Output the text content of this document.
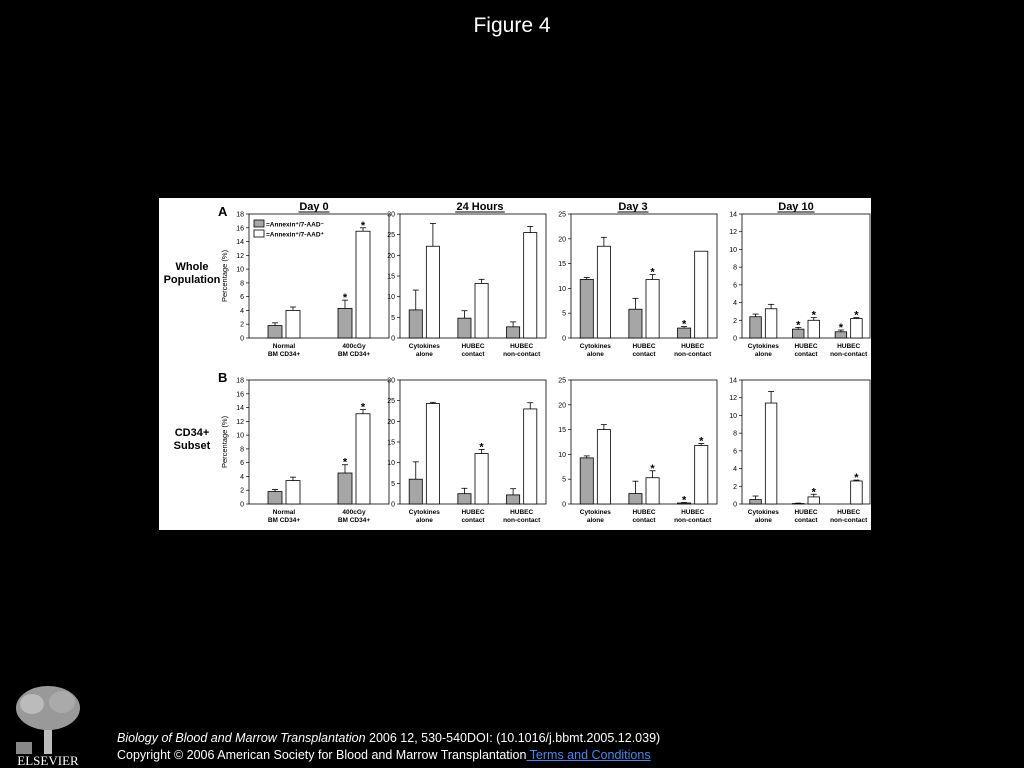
Figure 4
Day 0	24 Hours	Day 3	Day 10
A
Whole
Population
B
CD34+
Subset
0
2
4
6
8
10
12
14
16
18
Percentage (%)
Normal
BM CD34+
*
*
400cGy
BM CD34+
=Annexin⁺/7-AAD⁻
=Annexin⁺/7-AAD⁺
0
5
10
15
20
25
30
Cytokines
alone
HUBEC
contact
HUBEC
non-contact
0
5
10
15
20
25
Cytokines
alone
*
HUBEC
contact
*
HUBEC
non-contact
0
2
4
6
8
10
12
14
Cytokines
alone
*
*
HUBEC
contact
*
*
HUBEC
non-contact
0
2
4
6
8
10
12
14
16
18
Percentage (%)
Normal
BM CD34+
*
*
400cGy
BM CD34+
0
5
10
15
20
25
30
Cytokines
alone
*
HUBEC
contact
HUBEC
non-contact
0
5
10
15
20
25
Cytokines
alone
*
HUBEC
contact
*
*
HUBEC
non-contact
0
2
4
6
8
10
12
14
Cytokines
alone
*
HUBEC
contact
*
HUBEC
non-contact
ELSEVIER
Biology of Blood and Marrow Transplantation 2006 12, 530-540DOI: (10.1016/j.bbmt.2005.12.039)
Copyright © 2006 American Society for Blood and Marrow Transplantation Terms and Conditions
